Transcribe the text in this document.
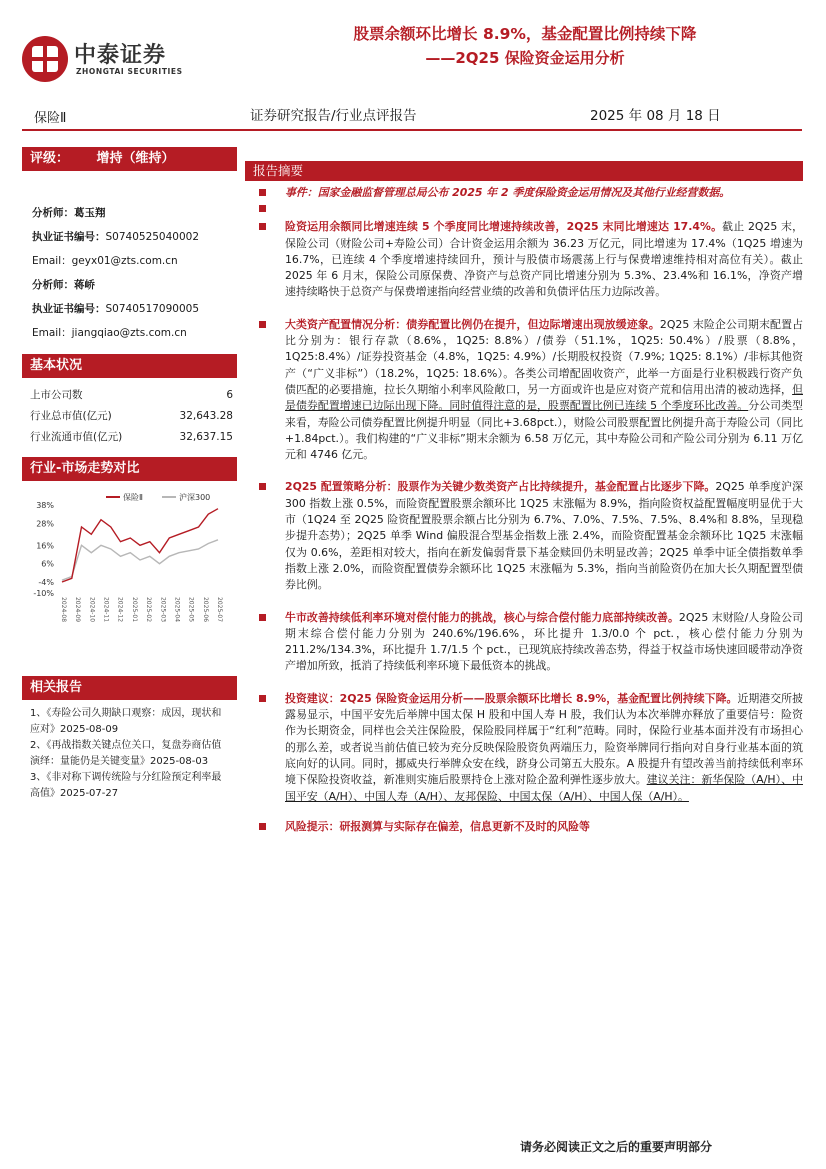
中泰证券
ZHONGTAI SECURITIES
股票余额环比增长 8.9%，基金配置比例持续下降
——2Q25 保险资金运用分析
保险Ⅱ	证券研究报告/行业点评报告	2025 年 08 月 18 日
评级： 增持（维持）
分析师：葛玉翔
执业证书编号：S0740525040002
Email：geyx01@zts.com.cn
分析师：蒋峤
执业证书编号：S0740517090005
Email：jiangqiao@zts.com.cn
基本状况
上市公司数	6
行业总市值(亿元)	32,643.28
行业流通市值(亿元)	32,637.15
行业-市场走势对比
38%
28%
16%
6%
-4%
-10%
2024-08 2024-09 2024-10 2024-11 2024-12 2025-01 2025-02 2025-03 2025-04 2025-05 2025-06 2025-07
保险Ⅱ	沪深300
相关报告
1、《寿险公司久期缺口观察：成因，现状和应对》2025-08-09
2、《再战指数关键点位关口，复盘券商估值演绎：量能仍是关键变量》2025-08-03
3、《非对称下调传统险与分红险预定利率最高值》2025-07-27
报告摘要
事件：国家金融监督管理总局公布 2025 年 2 季度保险资金运用情况及其他行业经营数据。
险资运用余额同比增速连续 5 个季度同比增速持续改善，2Q25 末同比增速达 17.4%。截止 2Q25 末，保险公司（财险公司+寿险公司）合计资金运用余额为 36.23 万亿元，同比增速为 17.4%（1Q25 增速为 16.7%，已连续 4 个季度增速持续回升，预计与股债市场震荡上行与保费增速维持相对高位有关）。截止 2025 年 6 月末，保险公司原保费、净资产与总资产同比增速分别为 5.3%、23.4%和 16.1%，净资产增速持续略快于总资产与保费增速指向经营业绩的改善和负债评估压力边际改善。
大类资产配置情况分析：债券配置比例仍在提升，但边际增速出现放缓迹象。2Q25 末险企公司期末配置占比分别为：银行存款（8.6%，1Q25: 8.8%）/债券（51.1%，1Q25: 50.4%）/股票（8.8%，1Q25:8.4%）/证券投资基金（4.8%，1Q25: 4.9%）/长期股权投资（7.9%; 1Q25: 8.1%）/非标其他资产（“广义非标”）（18.2%，1Q25: 18.6%）。各类公司增配固收资产，此举一方面是行业积极践行资产负债匹配的必要措施，拉长久期缩小利率风险敞口，另一方面或许也是应对资产荒和信用出清的被动选择，但是债券配置增速已边际出现下降。同时值得注意的是，股票配置比例已连续 5 个季度环比改善。分公司类型来看，寿险公司债券配置比例提升明显（同比+3.68pct.），财险公司股票配置比例提升高于寿险公司（同比+1.84pct.）。我们构建的“广义非标”期末余额为 6.58 万亿元，其中寿险公司和产险公司分别为 6.11 万亿元和 4746 亿元。
2Q25 配置策略分析：股票作为关键少数类资产占比持续提升，基金配置占比逐步下降。2Q25 单季度沪深 300 指数上涨 0.5%，而险资配置股票余额环比 1Q25 末涨幅为 8.9%，指向险资权益配置幅度明显优于大市（1Q24 至 2Q25 险资配置股票余额占比分别为 6.7%、7.0%、7.5%、7.5%、8.4%和 8.8%，呈现稳步提升态势）；2Q25 单季 Wind 偏股混合型基金指数上涨 2.4%，而险资配置基金余额环比 1Q25 末涨幅仅为 0.6%，差距相对较大，指向在新发偏弱背景下基金赎回仍未明显改善；2Q25 单季中证全债指数单季指数上涨 2.0%，而险资配置债券余额环比 1Q25 末涨幅为 5.3%，指向当前险资仍在加大长久期配置型债券比例。
牛市改善持续低利率环境对偿付能力的挑战，核心与综合偿付能力底部持续改善。2Q25 末财险/人身险公司期末综合偿付能力分别为 240.6%/196.6%，环比提升 1.3/0.0 个 pct.，核心偿付能力分别为 211.2%/134.3%，环比提升 1.7/1.5 个 pct.，已现筑底持续改善态势，得益于权益市场快速回暖带动净资产增加所致，抵消了持续低利率环境下最低资本的挑战。
投资建议：2Q25 保险资金运用分析——股票余额环比增长 8.9%，基金配置比例持续下降。近期港交所披露易显示，中国平安先后举牌中国太保 H 股和中国人寿 H 股，我们认为本次举牌亦释放了重要信号：险资作为长期资金，同样也会关注保险股，保险股同样属于“红利”范畴。同时，保险行业基本面并没有市场担心的那么差，或者说当前估值已较为充分反映保险股资负两端压力，险资举牌同行指向对自身行业基本面的筑底向好的认同。同时，挪威央行举牌众安在线，跻身公司第五大股东。A 股提升有望改善当前持续低利率环境下保险投资收益，新准则实施后股票持仓上涨对险企盈利弹性逐步放大。建议关注：新华保险（A/H）、中国平安（A/H）、中国人寿（A/H）、友邦保险、中国太保（A/H）、中国人保（A/H）。
风险提示：研报测算与实际存在偏差，信息更新不及时的风险等
请务必阅读正文之后的重要声明部分
